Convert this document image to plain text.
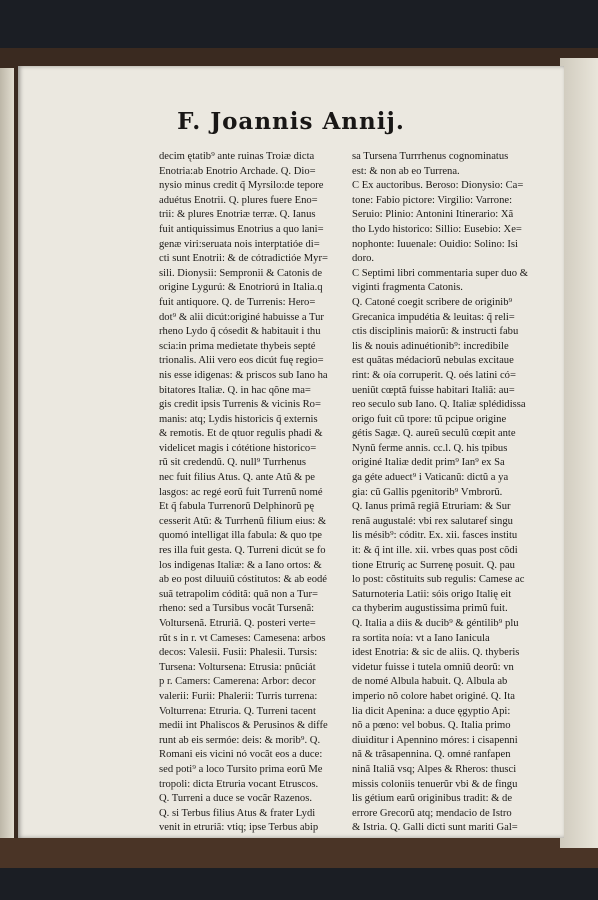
F. Joannis Annij.
decim ętatib⁹ ante ruinas Troiæ dicta
Enotria:ab Enotrio Archade. Q. Dio=
nysio minus credit q̃ Myrsilo:de tepore
aduétus Enotrii. Q. plures fuere Eno=
trii: & plures Enotriæ terræ. Q. Ianus
fuit antiquissimus Enotrius a quo lani=
genæ viri:seruata nois interptatióe di=
cti sunt Enotrii: & de cótradictióe Myr=
sili. Dionysii: Sempronii & Catonis de
origine Lygurú: & Enotriorú in Italia.q
fuit antiquore. Q. de Turrenis: Hero=
dot⁹ & alii dicút:originé habuisse a Tur
rheno Lydo q̃ cósedit & habitauit i thu
scia:in prima medietate thybeis septé
trionalis. Alii vero eos dicút fuę regio=
nis esse idigenas: & priscos sub Iano ha
bitatores Italiæ. Q. in hac qõne ma=
gis credit ipsis Turrenis & vicinis Ro=
manis: atq; Lydis historicis q̃ externis
& remotis. Et de qtuor regulis phadi &
videlicet magis i cótétione historico=
rũ sit credendũ. Q. null⁹ Turrhenus
nec fuit filius Atus. Q. ante Atũ & pe
lasgos: ac regé eorũ fuit Turrenũ nomé
Et q̃ fabula Turrenorũ Delphinorũ pę
cesserit Atũ: & Turrhenũ filium eius: &
quomó intelligat illa fabula: & quo tpe
res illa fuit gesta. Q. Turreni dicút se fo
los indigenas Italiæ: & a Iano ortos: &
ab eo post diluuiũ cóstitutos: & ab eodé
suã tetrapolim códitã: quã non a Tur=
rheno: sed a Tursibus vocãt Tursenã:
Voltursenã. Etruriã. Q. posteri verte=
rũt s in r. vt Cameses: Camesena: arbos
decos: Valesii. Fusii: Phalesii. Tursis:
Tursena: Voltursena: Etrusia: pnũciát
p r. Camers: Camerena: Arbor: decor
valerii: Furii: Phalerii: Turris turrena:
Volturrena: Etruria. Q. Turreni tacent
medii int Phaliscos & Perusinos & diffe
runt ab eis sermóe: deis: & morib⁹. Q.
Romani eis vicini nó vocãt eos a duce:
sed poti⁹ a loco Tursito prima eorũ Me
tropoli: dicta Etruria vocant Etruscos.
Q. Turreni a duce se vocãr Razenos.
Q. si Terbus filius Atus & frater Lydi
venit in etruriã: vtiq; ipse Terbus abip
sa Tursena Turrrhenus cognominatus
est: & non ab eo Turrena.
C Ex auctoribus. Beroso: Dionysio: Ca=
tone: Fabio pictore: Virgilio: Varrone:
Seruio: Plinio: Antonini Itinerario: Xã
tho Lydo historico: Sillio: Eusebio: Xe=
nophonte: Iuuenale: Ouidio: Solino: Isi
doro.
C Septimi libri commentaria super duo &
viginti fragmenta Catonis.
Q. Catoné coegit scribere de originib⁹
Grecanica impudétia & leuitas: q̃ reli=
ctis disciplinis maiorũ: & instructi fabu
lis & nouis adinuétionib⁹: incredibile
est quãtas médaciorũ nebulas excitaue
rint: & oía corruperit. Q. oés latini có=
ueniũt cœptã fuisse habitari Italiã: au=
reo seculo sub Iano. Q. Italiæ splédidissa
origo fuit cũ tpore: tũ pcipue origine
gétis Sagæ. Q. aureũ seculũ cœpit ante
Nynũ ferme annis. cc.l. Q. his tpibus
originé Italiæ dedit prim⁹ Ian⁹ ex Sa
ga géte aduect⁹ i Vaticanũ: dictũ a ya
gia: cũ Gallis pgenitorib⁹ Vmbrorũ.
Q. Ianus primã regiã Etruriam: & Sur
renã augustalé: vbi rex salutaref singu
lis mésib⁹: códitr. Ex. xii. fasces institu
it: & q̃ int ille. xii. vrbes quas post cõdi
tione Etruriç ac Surrenę posuit. Q. pau
lo post: cõstituits sub regulis: Camese ac
Saturnoteria Latii: sóis origo Italię eit
ca thyberim augustissima primũ fuit.
Q. Italia a diis & ducib⁹ & géntilib⁹ plu
ra sortita noía: vt a Iano Ianicula
idest Enotria: & sic de aliis. Q. thyberis
videtur fuisse i tutela omniũ deorũ: vn
de nomé Albula habuit. Q. Albula ab
imperio nõ colore habet originé. Q. Ita
lia dicit Apenina: a duce ęgyptio Api:
nõ a pœno: vel bobus. Q. Italia primo
diuiditur i Apennino móres: i cisapenni
nã & trãsapennina. Q. omné ranfapen
ninã Italiã vsq; Alpes & Rheros: thusci
missis coloniis tenuerũr vbi & de fingu
lis gétium earũ originibus tradit: & de
errore Grecorũ atq; mendacio de Istro
& Istria. Q. Galli dicti sunt mariti Gal=
